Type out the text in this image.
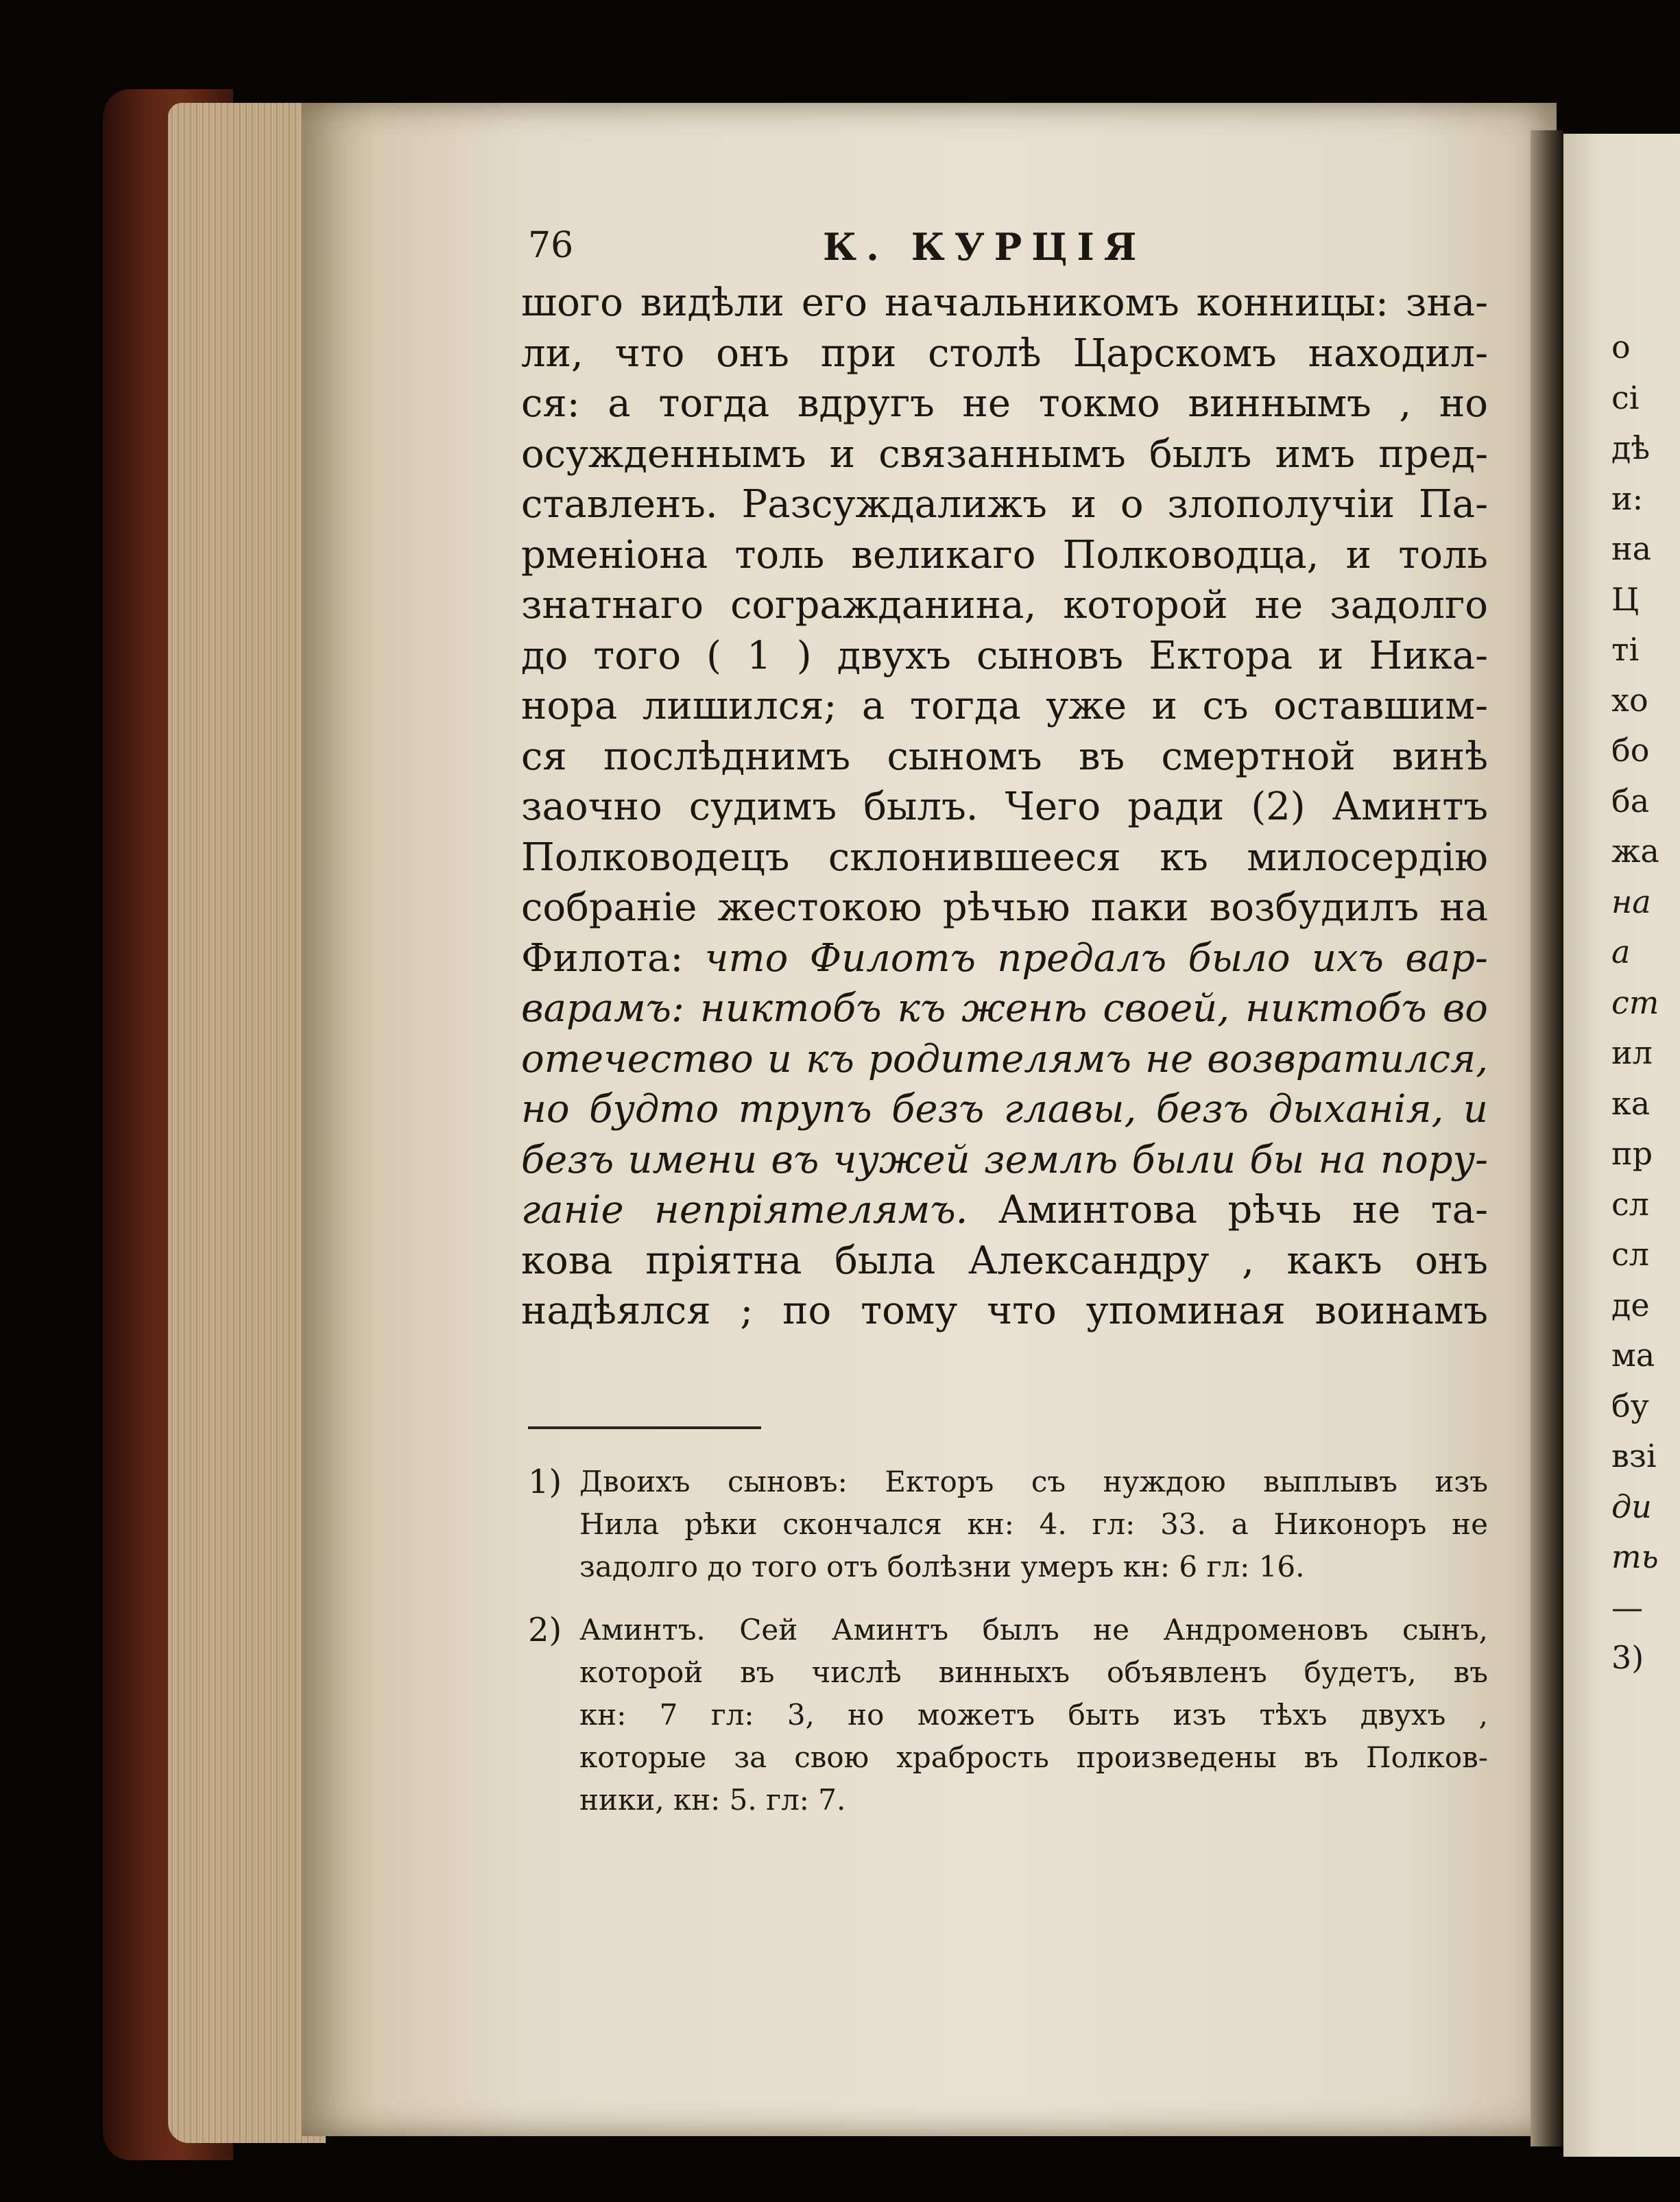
76	К. КУРЦІЯ
шого видѣли его начальникомъ конницы: зна-
ли, что онъ при столѣ Царскомъ находил-
ся: а тогда вдругъ не токмо виннымъ , но
осужденнымъ и связаннымъ былъ имъ пред-
ставленъ. Разсуждалижъ и о злополучіи Па-
рменіона толь великаго Полководца, и толь
знатнаго согражданина, которой не задолго
до того ( 1 ) двухъ сыновъ Ектора и Ника-
нора лишился; а тогда уже и съ оставшим-
ся послѣднимъ сыномъ въ смертной винѣ
заочно судимъ былъ. Чего ради (2) Аминтъ
Полководецъ склонившееся къ милосердію
собраніе жестокою рѣчью паки возбудилъ на
Филота: что Филотъ предалъ было ихъ вар-
варамъ: никтобъ къ женѣ своей, никтобъ во
отечество и къ родителямъ не возвратился,
но будто трупъ безъ главы, безъ дыханія, и
безъ имени въ чужей землѣ были бы на пору-
ганіе непріятелямъ. Аминтова рѣчь не та-
кова пріятна была Александру , какъ онъ
надѣялся ; по тому что упоминая воинамъ
1) Двоихъ сыновъ: Екторъ съ нуждою выплывъ изъ
Нила рѣки скончался кн: 4. гл: 33. а Никонοръ не
задолго до того отъ болѣзни умеръ кн: 6 гл: 16.
2) Аминтъ. Сей Аминтъ былъ не Андроменовъ сынъ,
которой въ числѣ винныхъ объявленъ будетъ, въ
кн: 7 гл: 3, но можетъ быть изъ тѣхъ двухъ ,
которые за свою храбрость произведены въ Полков-
ники, кн: 5. гл: 7.
о
сі
дѣ
и:
на
Ц
ті
хо
бо
ба
жа
на
а
ст
ил
ка
пр
сл
сл
де
ма
бу
взі
ди
ть
—
3)
